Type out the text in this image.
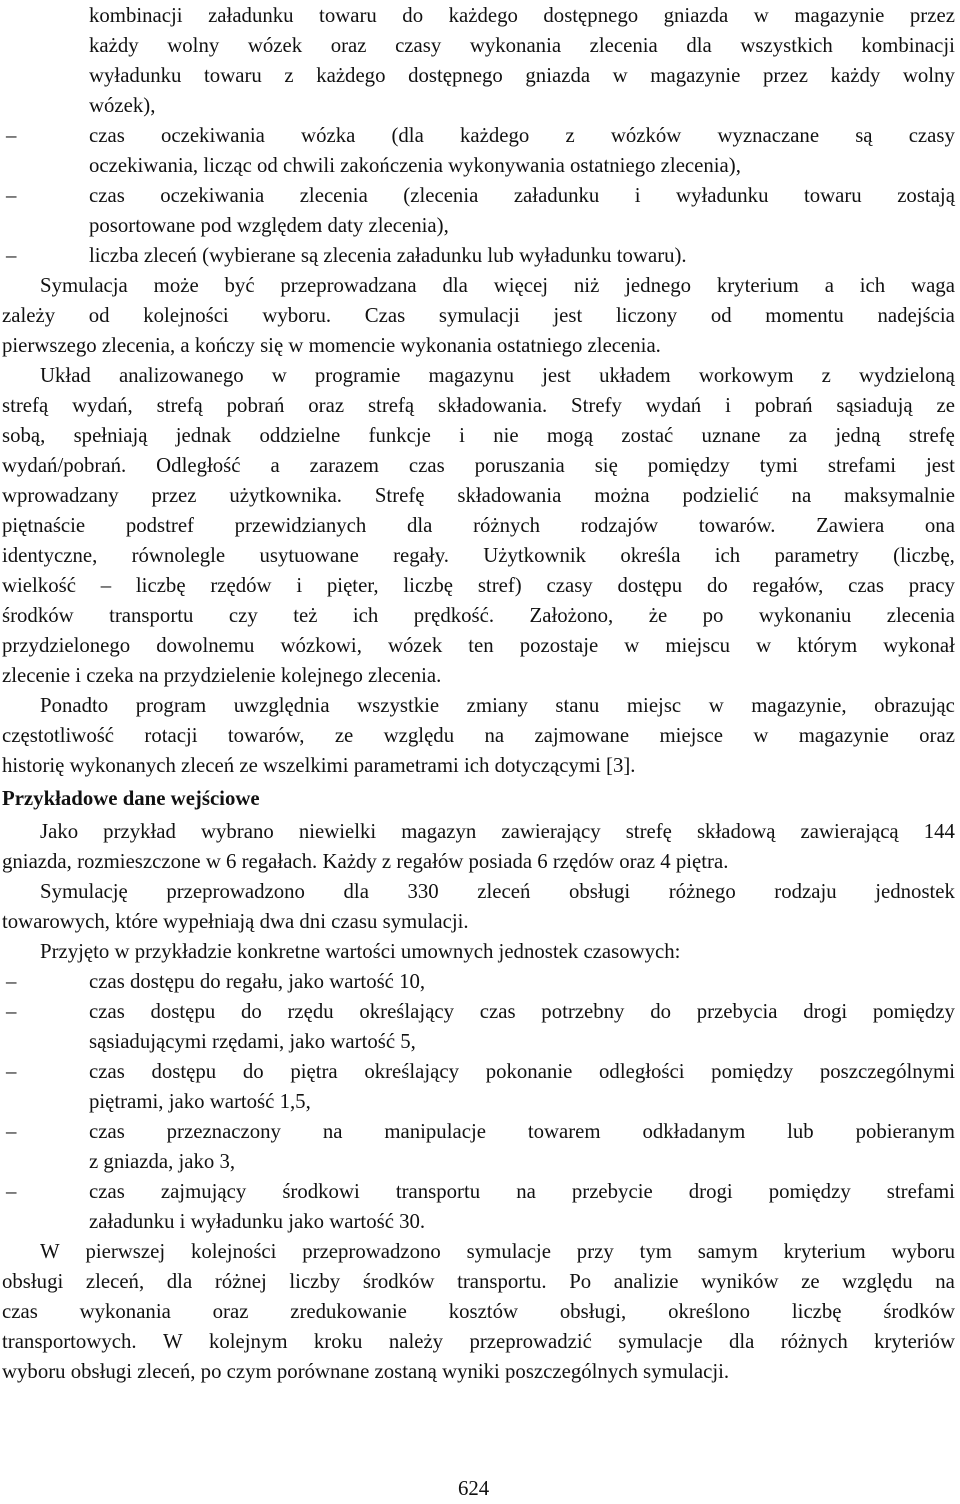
kombinacji załadunku towaru do każdego dostępnego gniazda w magazynie przez
każdy wolny wózek oraz czasy wykonania zlecenia dla wszystkich kombinacji
wyładunku towaru z każdego dostępnego gniazda w magazynie przez każdy wolny
wózek),
–	czas oczekiwania wózka (dla każdego z wózków wyznaczane są czasy
oczekiwania, licząc od chwili zakończenia wykonywania ostatniego zlecenia),
–	czas oczekiwania zlecenia (zlecenia załadunku i wyładunku towaru zostają
posortowane pod względem daty zlecenia),
–	liczba zleceń (wybierane są zlecenia załadunku lub wyładunku towaru).
Symulacja może być przeprowadzana dla więcej niż jednego kryterium a ich waga
zależy od kolejności wyboru. Czas symulacji jest liczony od momentu nadejścia
pierwszego zlecenia, a kończy się w momencie wykonania ostatniego zlecenia.
Układ analizowanego w programie magazynu jest układem workowym z wydzieloną
strefą wydań, strefą pobrań oraz strefą składowania. Strefy wydań i pobrań sąsiadują ze
sobą, spełniają jednak oddzielne funkcje i nie mogą zostać uznane za jedną strefę
wydań/pobrań. Odległość a zarazem czas poruszania się pomiędzy tymi strefami jest
wprowadzany przez użytkownika. Strefę składowania można podzielić na maksymalnie
piętnaście podstref przewidzianych dla różnych rodzajów towarów. Zawiera ona
identyczne, równolegle usytuowane regały. Użytkownik określa ich parametry (liczbę,
wielkość – liczbę rzędów i pięter, liczbę stref) czasy dostępu do regałów, czas pracy
środków transportu czy też ich prędkość. Założono, że po wykonaniu zlecenia
przydzielonego dowolnemu wózkowi, wózek ten pozostaje w miejscu w którym wykonał
zlecenie i czeka na przydzielenie kolejnego zlecenia.
Ponadto program uwzględnia wszystkie zmiany stanu miejsc w magazynie, obrazując
częstotliwość rotacji towarów, ze względu na zajmowane miejsce w magazynie oraz
historię wykonanych zleceń ze wszelkimi parametrami ich dotyczącymi [3].
Przykładowe dane wejściowe
Jako przykład wybrano niewielki magazyn zawierający strefę składową zawierającą 144
gniazda, rozmieszczone w 6 regałach. Każdy z regałów posiada 6 rzędów oraz 4 piętra.
Symulację przeprowadzono dla 330 zleceń obsługi różnego rodzaju jednostek
towarowych, które wypełniają dwa dni czasu symulacji.
Przyjęto w przykładzie konkretne wartości umownych jednostek czasowych:
–	czas dostępu do regału, jako wartość 10,
–	czas dostępu do rzędu określający czas potrzebny do przebycia drogi pomiędzy
sąsiadującymi rzędami, jako wartość 5,
–	czas dostępu do piętra określający pokonanie odległości pomiędzy poszczególnymi
piętrami, jako wartość 1,5,
–	czas przeznaczony na manipulacje towarem odkładanym lub pobieranym
z gniazda, jako 3,
–	czas zajmujący środkowi transportu na przebycie drogi pomiędzy strefami
załadunku i wyładunku jako wartość 30.
W pierwszej kolejności przeprowadzono symulacje przy tym samym kryterium wyboru
obsługi zleceń, dla różnej liczby środków transportu. Po analizie wyników ze względu na
czas wykonania oraz zredukowanie kosztów obsługi, określono liczbę środków
transportowych. W kolejnym kroku należy przeprowadzić symulacje dla różnych kryteriów
wyboru obsługi zleceń, po czym porównane zostaną wyniki poszczególnych symulacji.
624
